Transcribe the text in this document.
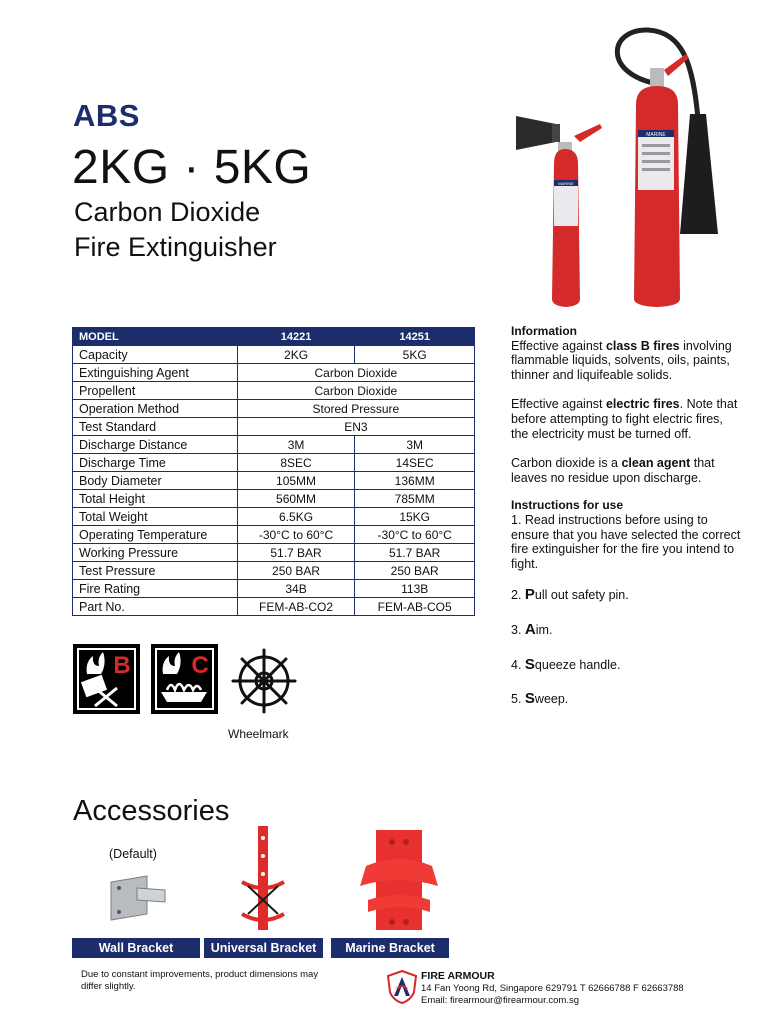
ABS
2KG · 5KG
Carbon Dioxide
Fire Extinguisher
MARINE
MARINE
MODEL	14221	14251
Capacity	2KG	5KG
Extinguishing Agent	Carbon Dioxide	
Propellent	Carbon Dioxide	
Operation Method	Stored Pressure	
Test Standard	EN3	
Discharge Distance	3M	3M
Discharge Time	8SEC	14SEC
Body Diameter	105MM	136MM
Total Height	560MM	785MM
Total Weight	6.5KG	15KG
Operating Temperature	-30°C to 60°C	-30°C to 60°C
Working Pressure	51.7 BAR	51.7 BAR
Test Pressure	250 BAR	250 BAR
Fire Rating	34B	113B
Part No.	FEM-AB-CO2	FEM-AB-CO5

Information

Effective against class B fires involving flammable liquids, solvents, oils, paints, thinner and liquifeable solids.

Effective against electric fires. Note that before attempting to fight electric fires, the electricity must be turned off.

Carbon dioxide is a clean agent that leaves no residue upon discharge.

Instructions for use

1. Read instructions before using to ensure that you have selected the correct fire extinguisher for the fire you intend to fight.

2. Pull out safety pin.

3. Aim.

4. Squeeze handle.

5. Sweep.

B	C
Wheelmark
Accessories
(Default)
Wall Bracket	Universal Bracket	Marine Bracket
Due to constant improvements, product dimensions may differ slightly.
FIRE ARMOUR
14 Fan Yoong Rd, Singapore 629791 T 62666788 F 62663788
Email: firearmour@firearmour.com.sg
